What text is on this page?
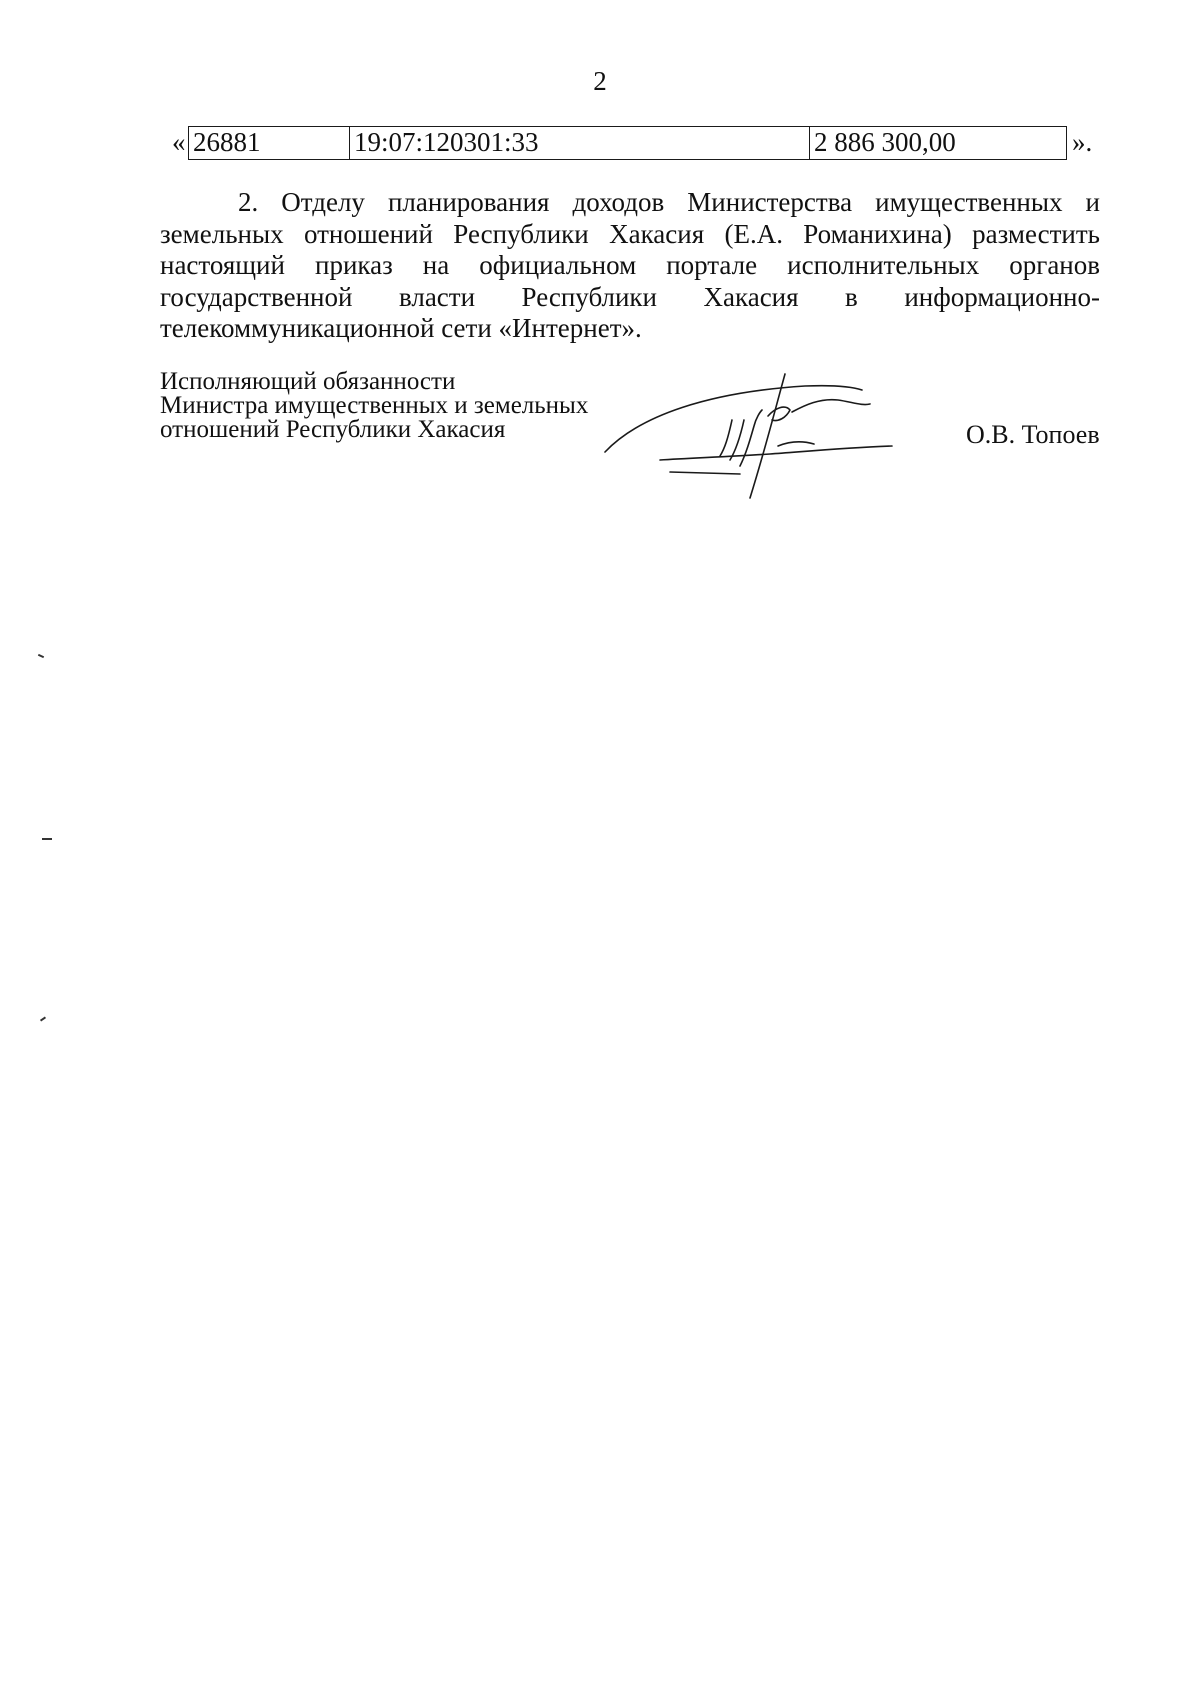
2
« 26881	19:07:120301:33	2 886 300,00	».

2. Отделу планирования доходов Министерства имущественных и земельных отношений Республики Хакасия (Е.А. Романихина) разместить настоящий приказ на официальном портале исполнительных органов государственной власти Республики Хакасия в информационно-телекоммуникационной сети «Интернет».

Исполняющий обязанности
Министра имущественных и земельных
отношений Республики Хакасия	О.В. Топоев
